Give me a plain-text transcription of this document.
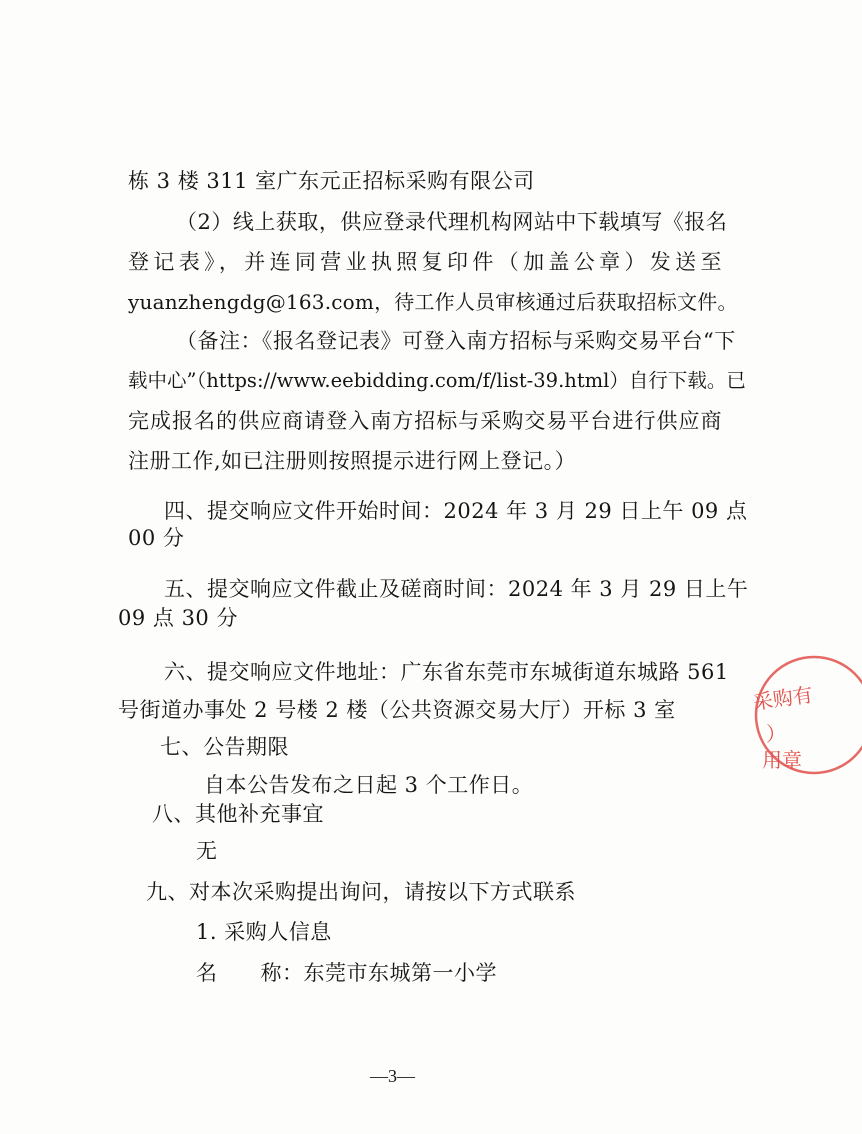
栋 3 楼 311 室广东元正招标采购有限公司
（2）线上获取，供应登录代理机构网站中下载填写《报名
登记表》，并连同营业执照复印件（加盖公章）发送至
yuanzhengdg@163.com，待工作人员审核通过后获取招标文件。
（备注：《报名登记表》可登入南方招标与采购交易平台“下
载中心”（https://www.eebidding.com/f/list-39.html）自行下载。已
完成报名的供应商请登入南方招标与采购交易平台进行供应商
注册工作,如已注册则按照提示进行网上登记。）
四、提交响应文件开始时间：2024 年 3 月 29 日上午 09 点
00 分
五、提交响应文件截止及磋商时间：2024 年 3 月 29 日上午
09 点 30 分
六、提交响应文件地址：广东省东莞市东城街道东城路 561
号街道办事处 2 号楼 2 楼（公共资源交易大厅）开标 3 室
七、公告期限
自本公告发布之日起 3 个工作日。
八、其他补充事宜
无
九、对本次采购提出询问，请按以下方式联系
1. 采购人信息
名　　称：东莞市东城第一小学
—3—
采购有
）
用章
